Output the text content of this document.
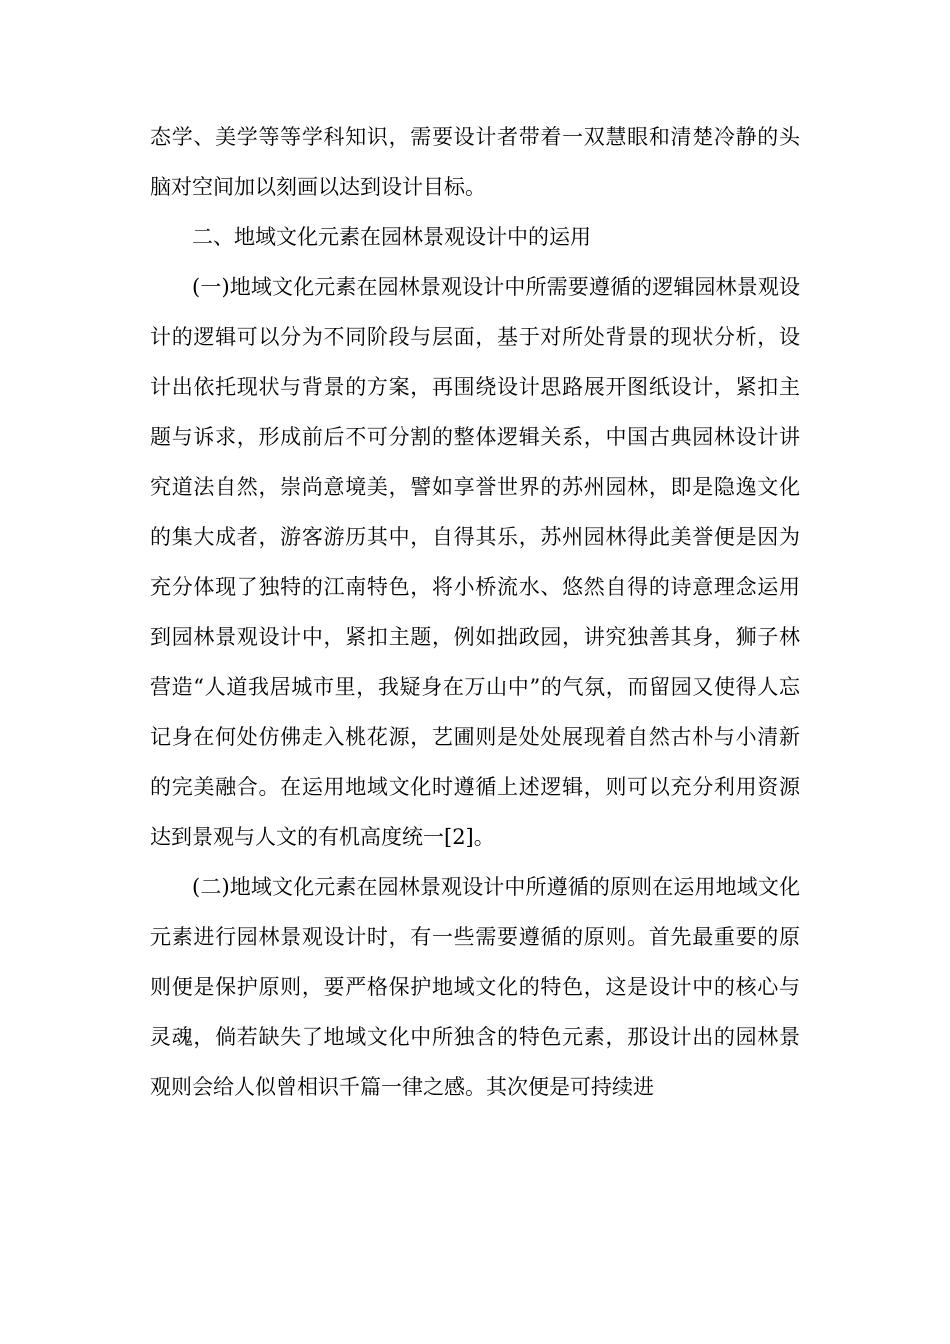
态学、美学等等学科知识，需要设计者带着一双慧眼和清楚冷静的头脑对空间加以刻画以达到设计目标。

二、地域文化元素在园林景观设计中的运用

(一)地域文化元素在园林景观设计中所需要遵循的逻辑园林景观设计的逻辑可以分为不同阶段与层面，基于对所处背景的现状分析，设计出依托现状与背景的方案，再围绕设计思路展开图纸设计，紧扣主题与诉求，形成前后不可分割的整体逻辑关系，中国古典园林设计讲究道法自然，崇尚意境美，譬如享誉世界的苏州园林，即是隐逸文化的集大成者，游客游历其中，自得其乐，苏州园林得此美誉便是因为充分体现了独特的江南特色，将小桥流水、悠然自得的诗意理念运用到园林景观设计中，紧扣主题，例如拙政园，讲究独善其身，狮子林营造“人道我居城市里，我疑身在万山中”的气氛，而留园又使得人忘记身在何处仿佛走入桃花源，艺圃则是处处展现着自然古朴与小清新的完美融合。在运用地域文化时遵循上述逻辑，则可以充分利用资源达到景观与人文的有机高度统一[2]。

(二)地域文化元素在园林景观设计中所遵循的原则在运用地域文化元素进行园林景观设计时，有一些需要遵循的原则。首先最重要的原则便是保护原则，要严格保护地域文化的特色，这是设计中的核心与灵魂，倘若缺失了地域文化中所独含的特色元素，那设计出的园林景观则会给人似曾相识千篇一律之感。其次便是可持续进
